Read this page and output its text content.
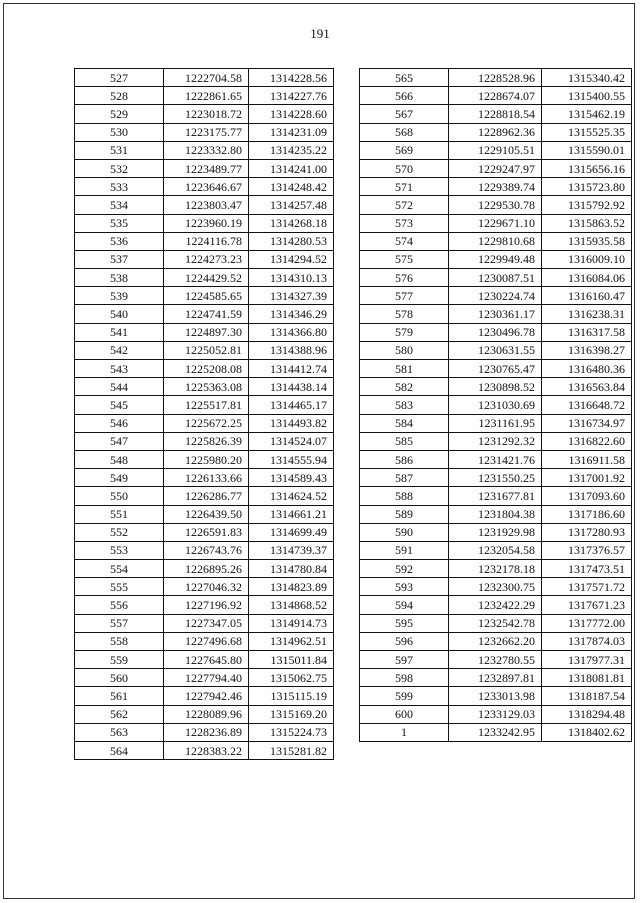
191
527	1222704.58	1314228.56
528	1222861.65	1314227.76
529	1223018.72	1314228.60
530	1223175.77	1314231.09
531	1223332.80	1314235.22
532	1223489.77	1314241.00
533	1223646.67	1314248.42
534	1223803.47	1314257.48
535	1223960.19	1314268.18
536	1224116.78	1314280.53
537	1224273.23	1314294.52
538	1224429.52	1314310.13
539	1224585.65	1314327.39
540	1224741.59	1314346.29
541	1224897.30	1314366.80
542	1225052.81	1314388.96
543	1225208.08	1314412.74
544	1225363.08	1314438.14
545	1225517.81	1314465.17
546	1225672.25	1314493.82
547	1225826.39	1314524.07
548	1225980.20	1314555.94
549	1226133.66	1314589.43
550	1226286.77	1314624.52
551	1226439.50	1314661.21
552	1226591.83	1314699.49
553	1226743.76	1314739.37
554	1226895.26	1314780.84
555	1227046.32	1314823.89
556	1227196.92	1314868.52
557	1227347.05	1314914.73
558	1227496.68	1314962.51
559	1227645.80	1315011.84
560	1227794.40	1315062.75
561	1227942.46	1315115.19
562	1228089.96	1315169.20
563	1228236.89	1315224.73
564	1228383.22	1315281.82
565	1228528.96	1315340.42
566	1228674.07	1315400.55
567	1228818.54	1315462.19
568	1228962.36	1315525.35
569	1229105.51	1315590.01
570	1229247.97	1315656.16
571	1229389.74	1315723.80
572	1229530.78	1315792.92
573	1229671.10	1315863.52
574	1229810.68	1315935.58
575	1229949.48	1316009.10
576	1230087.51	1316084.06
577	1230224.74	1316160.47
578	1230361.17	1316238.31
579	1230496.78	1316317.58
580	1230631.55	1316398.27
581	1230765.47	1316480.36
582	1230898.52	1316563.84
583	1231030.69	1316648.72
584	1231161.95	1316734.97
585	1231292.32	1316822.60
586	1231421.76	1316911.58
587	1231550.25	1317001.92
588	1231677.81	1317093.60
589	1231804.38	1317186.60
590	1231929.98	1317280.93
591	1232054.58	1317376.57
592	1232178.18	1317473.51
593	1232300.75	1317571.72
594	1232422.29	1317671.23
595	1232542.78	1317772.00
596	1232662.20	1317874.03
597	1232780.55	1317977.31
598	1232897.81	1318081.81
599	1233013.98	1318187.54
600	1233129.03	1318294.48
1	1233242.95	1318402.62
